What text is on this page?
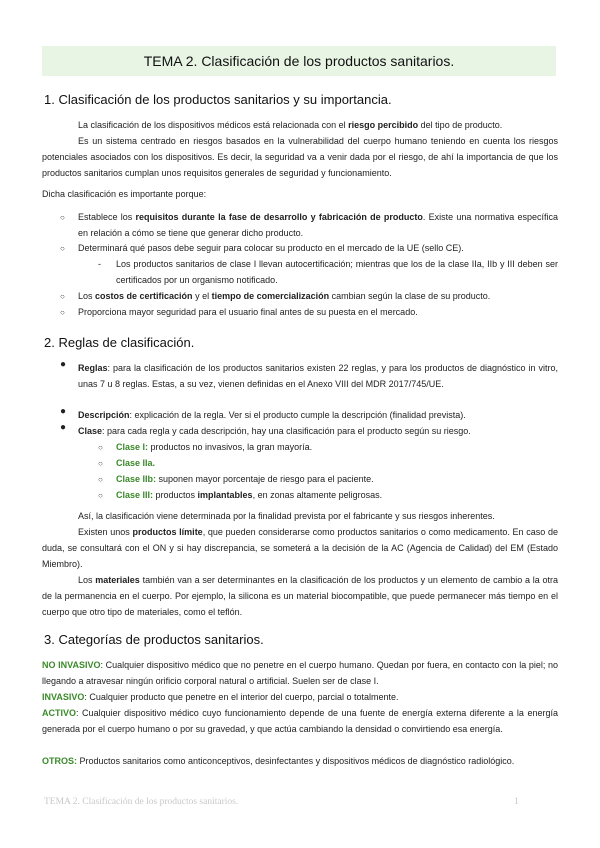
TEMA 2. Clasificación de los productos sanitarios.
1. Clasificación de los productos sanitarios y su importancia.
La clasificación de los dispositivos médicos está relacionada con el riesgo percibido del tipo de producto.
Es un sistema centrado en riesgos basados en la vulnerabilidad del cuerpo humano teniendo en cuenta los riesgos potenciales asociados con los dispositivos. Es decir, la seguridad va a venir dada por el riesgo, de ahí la importancia de que los productos sanitarios cumplan unos requisitos generales de seguridad y funcionamiento.
Dicha clasificación es importante porque:
○ Establece los requisitos durante la fase de desarrollo y fabricación de producto. Existe una normativa específica en relación a cómo se tiene que generar dicho producto.
○ Determinará qué pasos debe seguir para colocar su producto en el mercado de la UE (sello CE).
- Los productos sanitarios de clase I llevan autocertificación; mientras que los de la clase IIa, IIb y III deben ser certificados por un organismo notificado.
○ Los costos de certificación y el tiempo de comercialización cambian según la clase de su producto.
○ Proporciona mayor seguridad para el usuario final antes de su puesta en el mercado.
2. Reglas de clasificación.
● Reglas: para la clasificación de los productos sanitarios existen 22 reglas, y para los productos de diagnóstico in vitro, unas 7 u 8 reglas. Estas, a su vez, vienen definidas en el Anexo VIII del MDR 2017/745/UE.
● Descripción: explicación de la regla. Ver si el producto cumple la descripción (finalidad prevista).
● Clase: para cada regla y cada descripción, hay una clasificación para el producto según su riesgo.
○ Clase I: productos no invasivos, la gran mayoría.
○ Clase IIa.
○ Clase IIb: suponen mayor porcentaje de riesgo para el paciente.
○ Clase III: productos implantables, en zonas altamente peligrosas.
Así, la clasificación viene determinada por la finalidad prevista por el fabricante y sus riesgos inherentes.
Existen unos productos límite, que pueden considerarse como productos sanitarios o como medicamento. En caso de duda, se consultará con el ON y si hay discrepancia, se someterá a la decisión de la AC (Agencia de Calidad) del EM (Estado Miembro).
Los materiales también van a ser determinantes en la clasificación de los productos y un elemento de cambio a la otra de la permanencia en el cuerpo. Por ejemplo, la silicona es un material biocompatible, que puede permanecer más tiempo en el cuerpo que otro tipo de materiales, como el teflón.
3. Categorías de productos sanitarios.
NO INVASIVO: Cualquier dispositivo médico que no penetre en el cuerpo humano. Quedan por fuera, en contacto con la piel; no llegando a atravesar ningún orificio corporal natural o artificial. Suelen ser de clase I.
INVASIVO: Cualquier producto que penetre en el interior del cuerpo, parcial o totalmente.
ACTIVO: Cualquier dispositivo médico cuyo funcionamiento depende de una fuente de energía externa diferente a la energía generada por el cuerpo humano o por su gravedad, y que actúa cambiando la densidad o convirtiendo esa energía.
OTROS: Productos sanitarios como anticonceptivos, desinfectantes y dispositivos médicos de diagnóstico radiológico.
TEMA 2. Clasificación de los productos sanitarios.	1
